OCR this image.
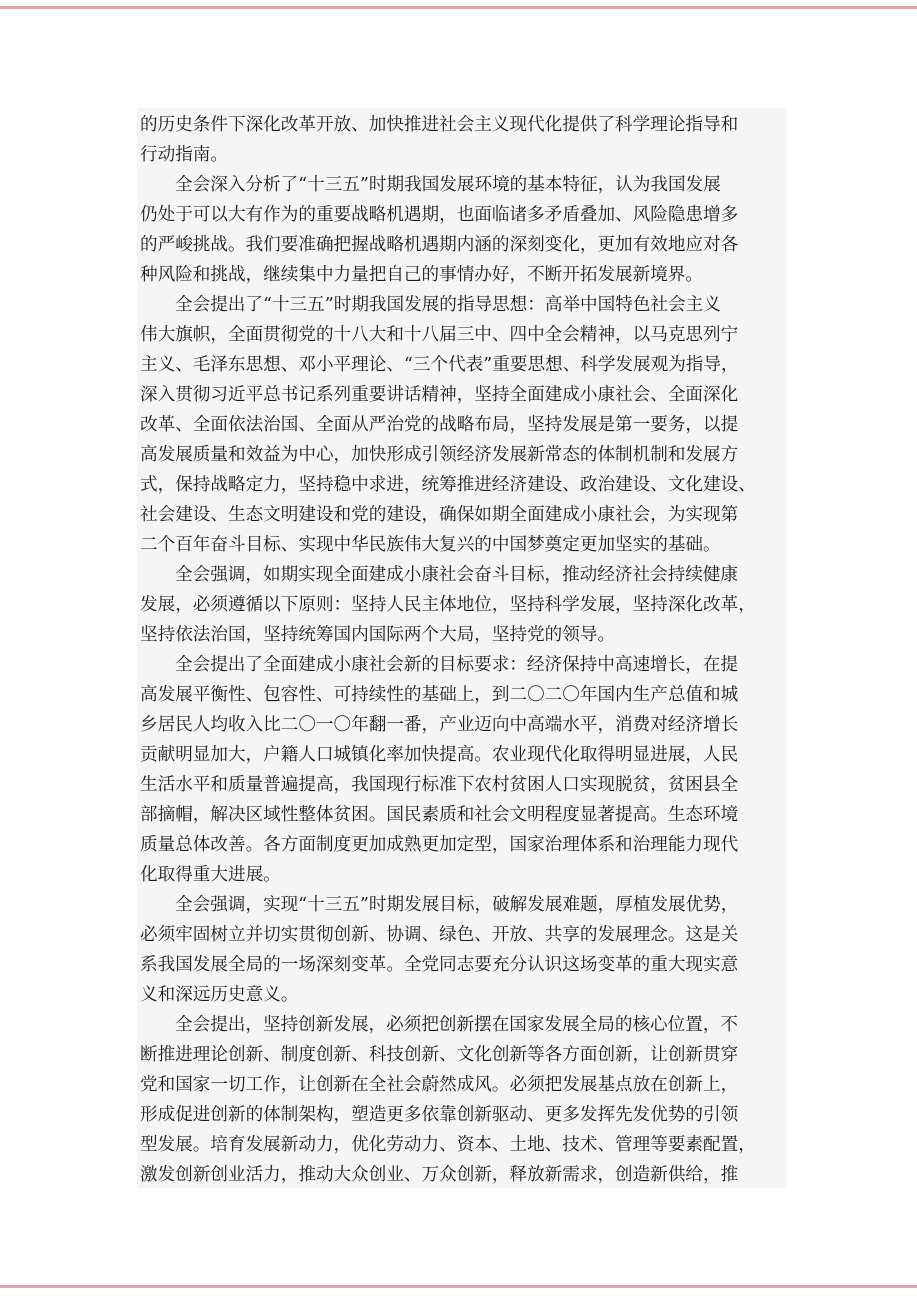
的历史条件下深化改革开放、加快推进社会主义现代化提供了科学理论指导和
行动指南。
全会深入分析了“十三五”时期我国发展环境的基本特征，认为我国发展
仍处于可以大有作为的重要战略机遇期，也面临诸多矛盾叠加、风险隐患增多
的严峻挑战。我们要准确把握战略机遇期内涵的深刻变化，更加有效地应对各
种风险和挑战，继续集中力量把自己的事情办好，不断开拓发展新境界。
全会提出了“十三五”时期我国发展的指导思想：高举中国特色社会主义
伟大旗帜，全面贯彻党的十八大和十八届三中、四中全会精神，以马克思列宁
主义、毛泽东思想、邓小平理论、“三个代表”重要思想、科学发展观为指导，
深入贯彻习近平总书记系列重要讲话精神，坚持全面建成小康社会、全面深化
改革、全面依法治国、全面从严治党的战略布局，坚持发展是第一要务，以提
高发展质量和效益为中心，加快形成引领经济发展新常态的体制机制和发展方
式，保持战略定力，坚持稳中求进，统筹推进经济建设、政治建设、文化建设、
社会建设、生态文明建设和党的建设，确保如期全面建成小康社会，为实现第
二个百年奋斗目标、实现中华民族伟大复兴的中国梦奠定更加坚实的基础。
全会强调，如期实现全面建成小康社会奋斗目标，推动经济社会持续健康
发展，必须遵循以下原则：坚持人民主体地位，坚持科学发展，坚持深化改革，
坚持依法治国，坚持统筹国内国际两个大局，坚持党的领导。
全会提出了全面建成小康社会新的目标要求：经济保持中高速增长，在提
高发展平衡性、包容性、可持续性的基础上，到二〇二〇年国内生产总值和城
乡居民人均收入比二〇一〇年翻一番，产业迈向中高端水平，消费对经济增长
贡献明显加大，户籍人口城镇化率加快提高。农业现代化取得明显进展，人民
生活水平和质量普遍提高，我国现行标准下农村贫困人口实现脱贫，贫困县全
部摘帽，解决区域性整体贫困。国民素质和社会文明程度显著提高。生态环境
质量总体改善。各方面制度更加成熟更加定型，国家治理体系和治理能力现代
化取得重大进展。
全会强调，实现“十三五”时期发展目标，破解发展难题，厚植发展优势，
必须牢固树立并切实贯彻创新、协调、绿色、开放、共享的发展理念。这是关
系我国发展全局的一场深刻变革。全党同志要充分认识这场变革的重大现实意
义和深远历史意义。
全会提出，坚持创新发展，必须把创新摆在国家发展全局的核心位置，不
断推进理论创新、制度创新、科技创新、文化创新等各方面创新，让创新贯穿
党和国家一切工作，让创新在全社会蔚然成风。必须把发展基点放在创新上，
形成促进创新的体制架构，塑造更多依靠创新驱动、更多发挥先发优势的引领
型发展。培育发展新动力，优化劳动力、资本、土地、技术、管理等要素配置，
激发创新创业活力，推动大众创业、万众创新，释放新需求，创造新供给，推
